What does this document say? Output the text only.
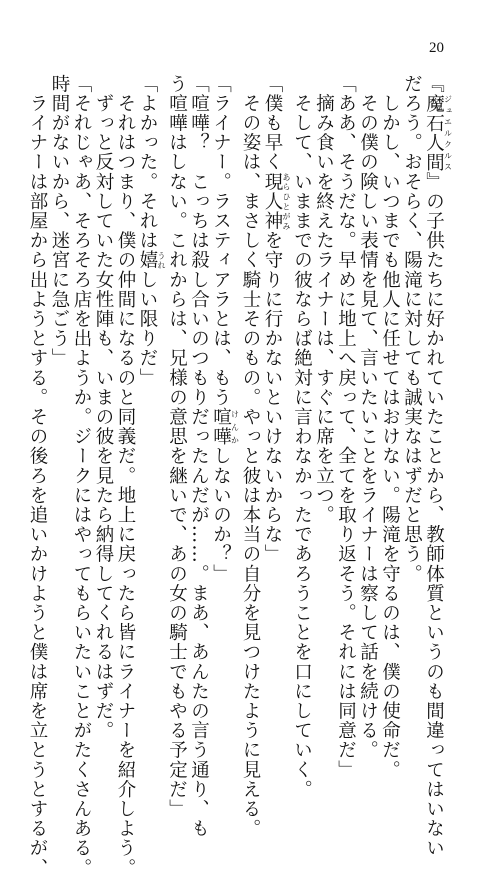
20
『魔石人間 ジュエルクルス』の子供たちに好かれていたことから、教師体質というのも間違ってはいない
だろう。おそらく、陽滝に対しても誠実なはずだと思う。
　しかし、いつまでも他人に任せてはおけない。陽滝を守るのは、僕の使命だ。
　その僕の険しい表情を見て、言いたいことをライナーは察して話を続ける。
「ああ、そうだな。早めに地上へ戻って、全てを取り返そう。それには同意だ」
　摘み食いを終えたライナーは、すぐに席を立つ。
　そして、いままでの彼ならば絶対に言わなかったであろうことを口にしていく。
「僕も早く現人神 あらひとがみを守りに行かないといけないからな」
　その姿は、まさしく騎士そのもの。やっと彼は本当の自分を見つけたように見える。
「ライナー。ラスティアラとは、もう喧嘩 けんかしないのか？」
「喧嘩？　こっちは殺し合いのつもりだったんだが……。まあ、あんたの言う通り、も
う喧嘩はしない。これからは、兄様の意思を継いで、あの女の騎士でもやる予定だ」
「よかった。それは嬉 うれしい限りだ」
　それはつまり、僕の仲間になるのと同義だ。地上に戻ったら皆にライナーを紹介しよう。
　ずっと反対していた女性陣も、いまの彼を見たら納得してくれるはずだ。
「それじゃあ、そろそろ店を出ようか。ジークにはやってもらいたいことがたくさんある。
時間がないから、迷宮に急ごう」
　ライナーは部屋から出ようとする。その後ろを追いかけようと僕は席を立とうとするが、
